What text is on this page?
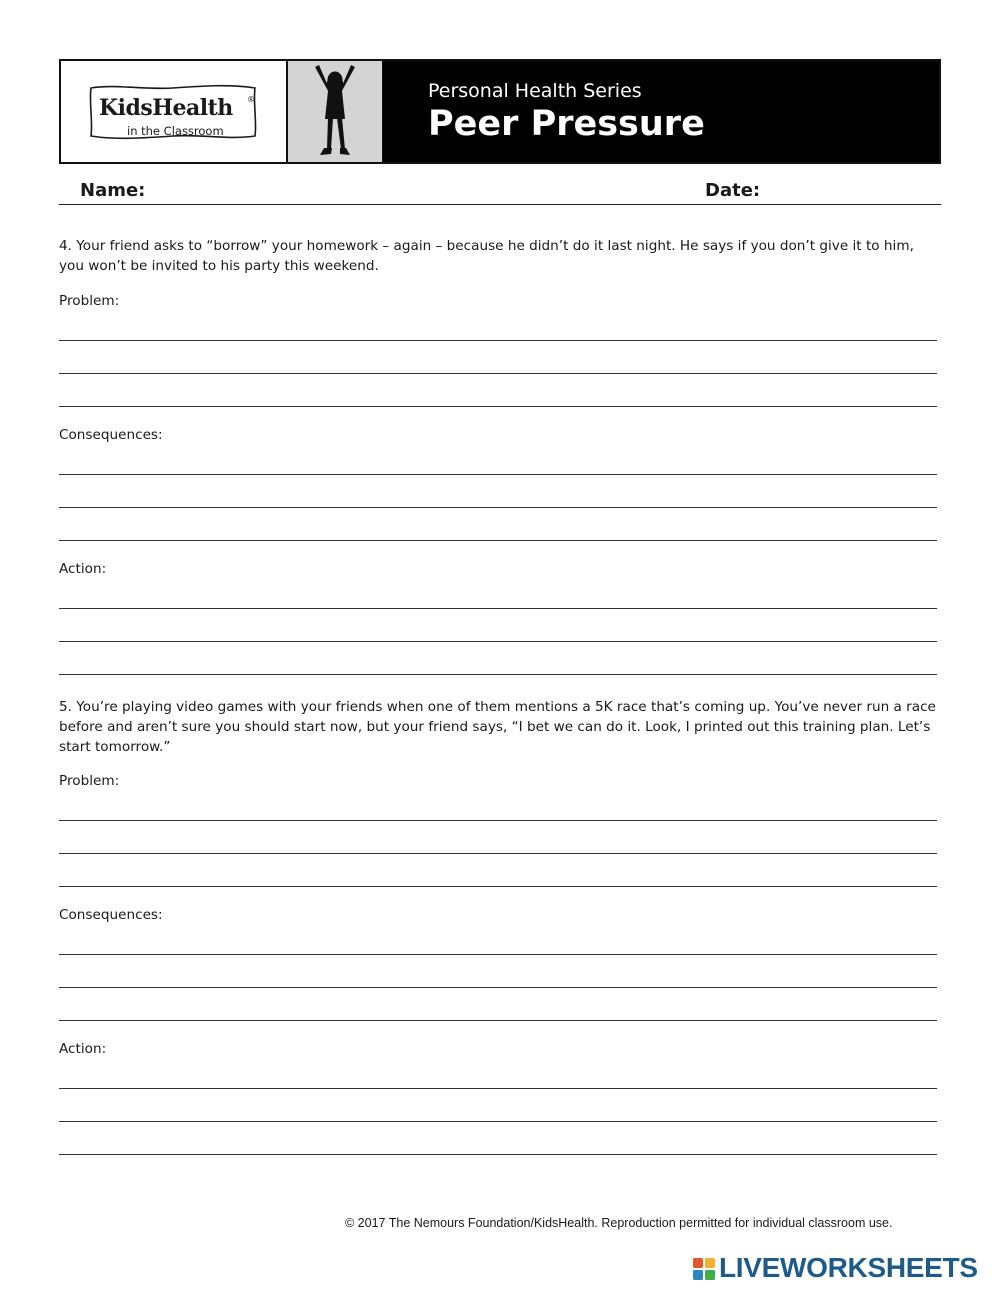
KidsHealth ®
in the Classroom
Personal Health Series
Peer Pressure
Name:	Date:
4. Your friend asks to “borrow” your homework – again – because he didn’t do it last night. He says if you don’t give it to him, you won’t be invited to his party this weekend.
Problem:
Consequences:
Action:
5. You’re playing video games with your friends when one of them mentions a 5K race that’s coming up. You’ve never run a race before and aren’t sure you should start now, but your friend says, “I bet we can do it. Look, I printed out this training plan. Let’s start tomorrow.”
Problem:
Consequences:
Action:
© 2017 The Nemours Foundation/KidsHealth. Reproduction permitted for individual classroom use.
LIVEWORKSHEETS
